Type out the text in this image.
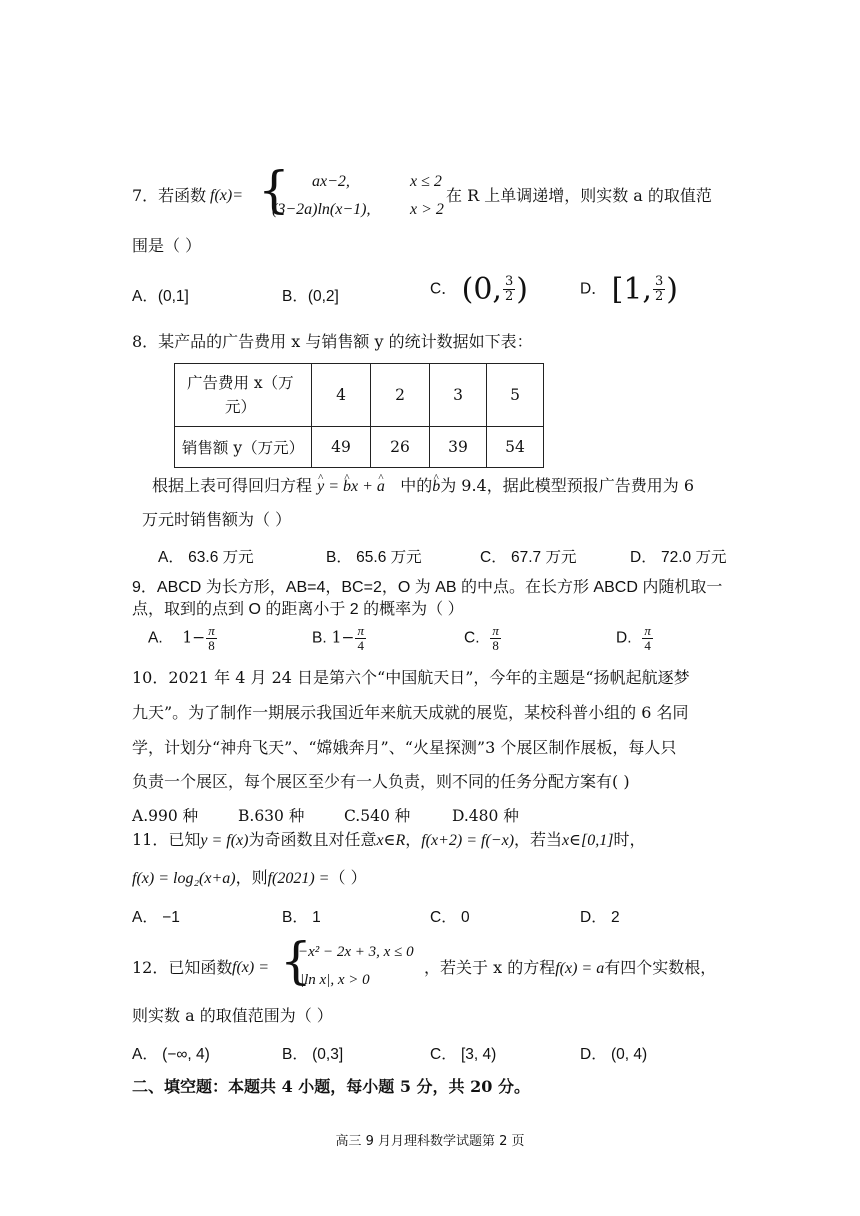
7．若函数 f(x)= { ax−2,	x ≤ 2
(3−2a)ln(x−1), x > 2
在 R 上单调递增，则实数 a 的取值范
围是（ ）
A．(0,1]	B．(0,2]	C． (0, $\frac{3}{2}$ )	D． [1, $\frac{3}{2}$ )
8．某产品的广告费用 x 与销售额 y 的统计数据如下表：
广告费用 x（万
元）	4	2	3	5
销售额 y（万元）	49	26	39	54
根据上表可得回归方程 ^ y = ^ bx + ^ a 中的^ b为 9.4，据此模型预报广告费用为 6
万元时销售额为（ ）
A． 63.6 万元	B． 65.6 万元	C． 67.7 万元	D． 72.0 万元
9．ABCD 为长方形，AB=4，BC=2，O 为 AB 的中点。在长方形 ABCD 内随机取一
点，取到的点到 O 的距离小于 2 的概率为（ ）
A. $1- \frac{\pi}{8}$	B. $1- \frac{\pi}{4}$	C. $\frac{\pi}{8}$	D. $\frac{\pi}{4}$
10．2021 年 4 月 24 日是第六个“中国航天日”，今年的主题是“扬帆起航逐梦
九天”。为了制作一期展示我国近年来航天成就的展览，某校科普小组的 6 名同
学，计划分“神舟飞天”、“嫦娥奔月”、“火星探测”3 个展区制作展板，每人只
负责一个展区，每个展区至少有一人负责，则不同的任务分配方案有( )
A.990 种	B.630 种	C.540 种	D.480 种
11．已知y = f(x)为奇函数且对任意x∈R，f(x+2) = f(−x)，若当x∈[0,1]时，
f(x) = log₂(x+a)，则f(2021) =（ ）
A． −1	B． 1	C． 0	D． 2
12．已知函数 f(x) = {
−x² − 2x + 3, x ≤ 0
|ln x|, x > 0
，若关于 x 的方程f(x) = a有四个实数根，
则实数 a 的取值范围为（ ）
A． (−∞, 4)	B． (0,3]	C． [3, 4)	D． (0, 4)
二、填空题：本题共 4 小题，每小题 5 分，共 20 分。
高三 9 月月理科数学试题第 2 页
